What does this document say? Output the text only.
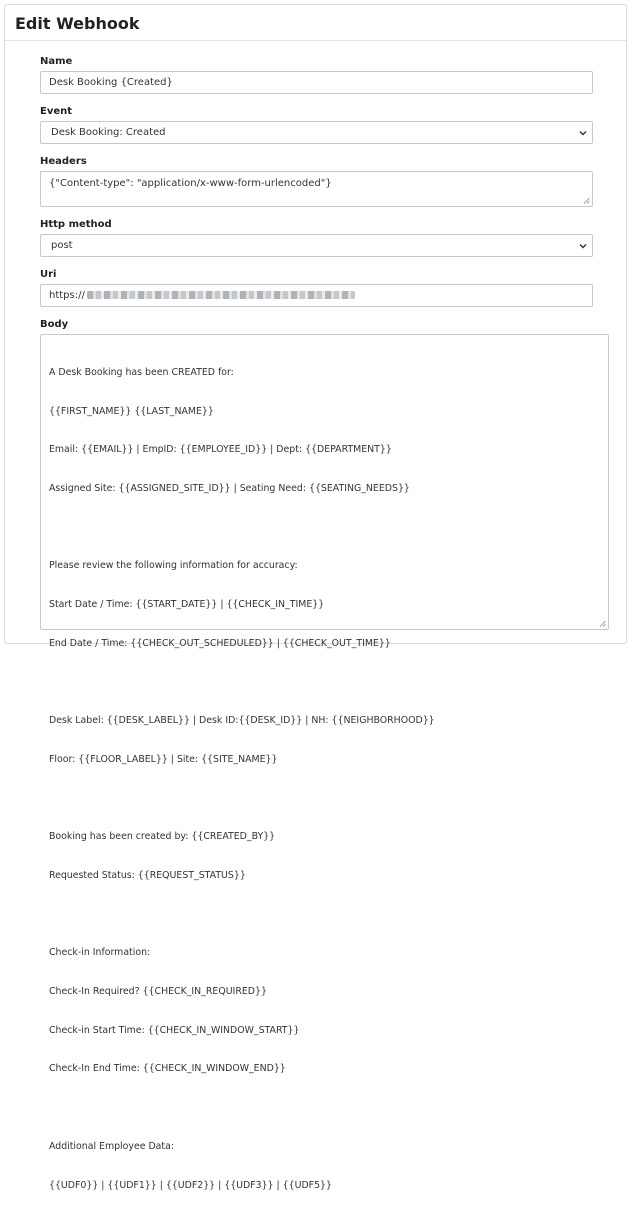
Edit Webhook
Name
Desk Booking {Created}
Event
Desk Booking: Created
Headers
{"Content-type": "application/x-www-form-urlencoded"}
Http method
post
Uri
https://
Body

A Desk Booking has been CREATED for:

{{FIRST_NAME}} {{LAST_NAME}}

Email: {{EMAIL}} | EmpID: {{EMPLOYEE_ID}} | Dept: {{DEPARTMENT}}

Assigned Site: {{ASSIGNED_SITE_ID}} | Seating Need: {{SEATING_NEEDS}}

Please review the following information for accuracy:

Start Date / Time: {{START_DATE}} | {{CHECK_IN_TIME}}

End Date / Time: {{CHECK_OUT_SCHEDULED}} | {{CHECK_OUT_TIME}}

Desk Label: {{DESK_LABEL}} | Desk ID:{{DESK_ID}} | NH: {{NEIGHBORHOOD}}

Floor: {{FLOOR_LABEL}} | Site: {{SITE_NAME}}

Booking has been created by: {{CREATED_BY}}

Requested Status: {{REQUEST_STATUS}}

Check-in Information:

Check-In Required? {{CHECK_IN_REQUIRED}}

Check-in Start Time: {{CHECK_IN_WINDOW_START}}

Check-In End Time: {{CHECK_IN_WINDOW_END}}

Additional Employee Data:

{{UDF0}} | {{UDF1}} | {{UDF2}} | {{UDF3}} | {{UDF5}}
